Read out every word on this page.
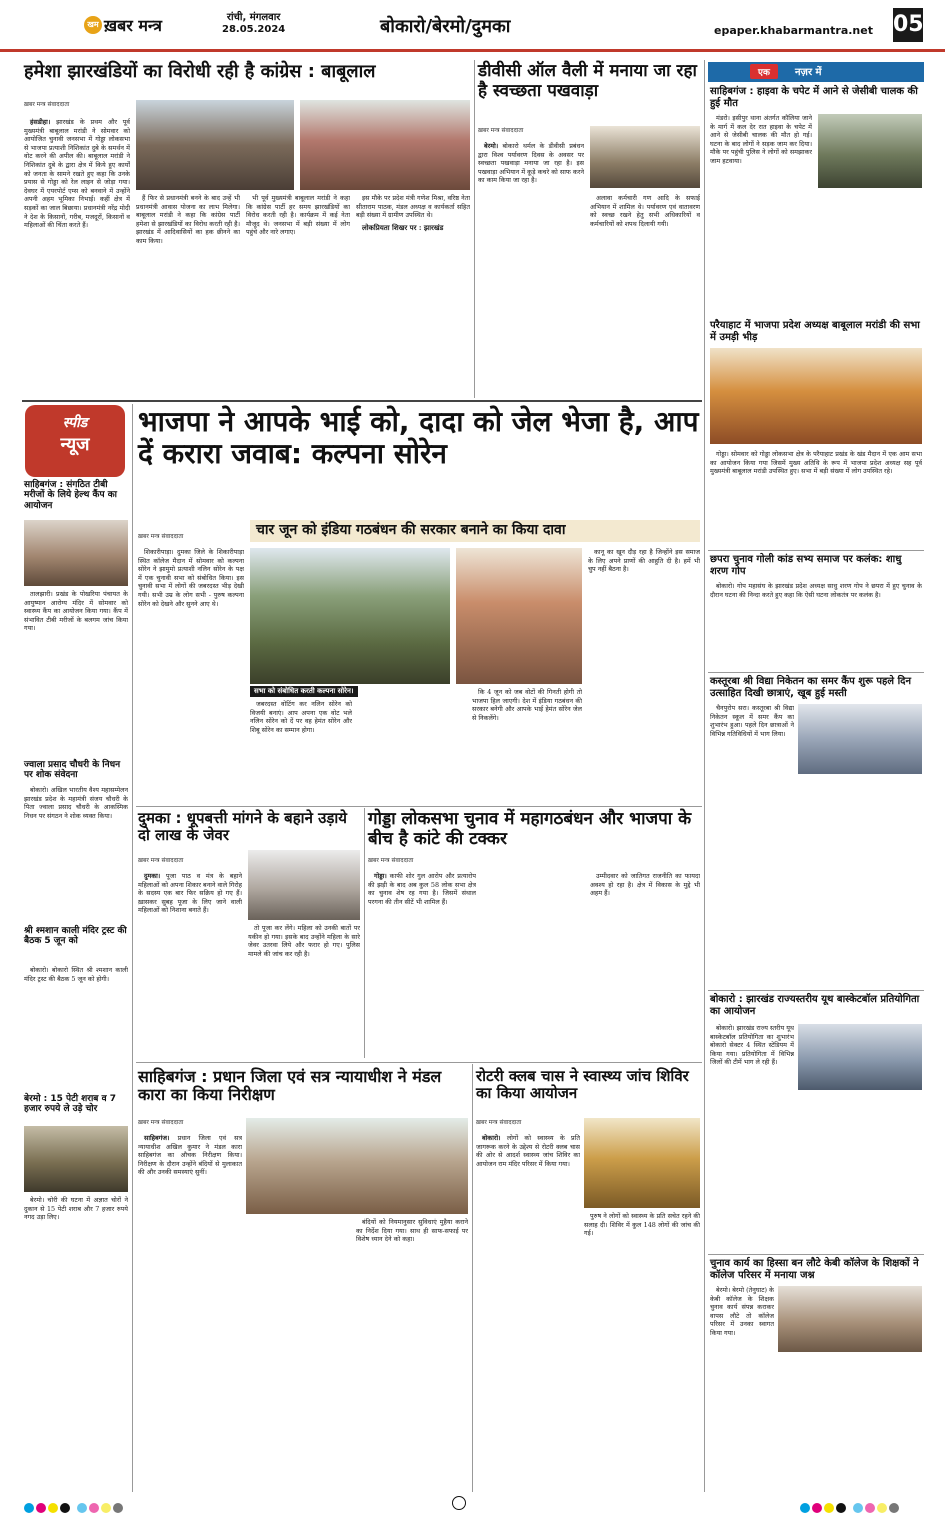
खम ख़बर मन्त्र	रांची, मंगलवार
28.05.2024	बोकारो/बेरमो/दुमका	epaper.khabarmantra.net 05
हमेशा झारखंडियों का विरोधी रही है कांग्रेस : बाबूलाल
ख़बर मन्त्र संवाददाता

हंसडीहा। झारखंड के प्रथम और पूर्व मुख्यमंत्री बाबूलाल मरांडी ने सोमवार को आयोजित चुनावी जनसभा में गोड्डा लोकसभा से भाजपा प्रत्याशी निशिकांत दुबे के समर्थन में वोट करने की अपील की। बाबूलाल मरांडी ने निशिकांत दुबे के द्वारा क्षेत्र में किये हुए कार्यों को जनता के सामने रखते हुए कहा कि उनके प्रयास से गोड्डा को रेल लाइन से जोड़ा गया। देवघर में एयरपोर्ट एम्स को बनवाने में उन्होंने अपनी अहम भूमिका निभाई। कहीं क्षेत्र में सड़कों का जाल बिछाया। प्रधानमंत्री नरेंद्र मोदी ने देश के किसानों, गरीब, मजदूरों, किसानों व महिलाओं की चिंता करते हैं।

हैं फिर से प्रधानमंत्री बनने के बाद उन्हें भी प्रधानमंत्री आवास योजना का लाभ मिलेगा। बाबूलाल मरांडी ने कहा कि कांग्रेस पार्टी हमेशा से झारखंडियों का विरोध करती रही है। झारखंड में आदिवासियों का हक छीनने का काम किया।

भी पूर्व मुख्यमंत्री बाबूलाल मरांडी ने कहा कि कांग्रेस पार्टी हर समय झारखंडियों का विरोध करती रही है। कार्यक्रम में कई नेता मौजूद थे। जनसभा में बड़ी संख्या में लोग पहुंचे और नारे लगाए।

इस मौके पर प्रदेश मंत्री गणेश मिश्रा, वरिष्ठ नेता सीताराम पाठक, मंडल अध्यक्ष व कार्यकर्ता सहित बड़ी संख्या में ग्रामीण उपस्थित थे।

लोकप्रियता शिखर पर : झारखंड

डीवीसी ऑल वैली में मनाया जा रहा है स्वच्छता पखवाड़ा
ख़बर मन्त्र संवाददाता

बेरमो। बोकारो थर्मल के डीवीसी प्रबंधन द्वारा विश्व पर्यावरण दिवस के अवसर पर स्वच्छता पखवाड़ा मनाया जा रहा है। इस पखवाड़ा अभियान में कूड़े कचरे को साफ करने का काम किया जा रहा है।

अलावा कर्मचारी गण आदि के सफाई अभियान में शामिल थे। पर्यावरण एवं वातावरण को स्वच्छ रखने हेतु सभी अधिकारियों व कर्मचारियों को शपथ दिलायी गयी।

एक	नज़र में
साहिबगंज : हाइवा के चपेट में आने से जेसीबी चालक की हुई मौत

मंडरो। इसीपुर थाना अंतर्गत कौलिया जाने के मार्ग में कल देर रात हाइवा के चपेट में आने से जेसीबी चालक की मौत हो गई। घटना के बाद लोगों ने सड़क जाम कर दिया। मौके पर पहुंची पुलिस ने लोगों को समझाकर जाम हटवाया।

परैयाहाट में भाजपा प्रदेश अध्यक्ष बाबूलाल मरांडी की सभा में उमड़ी भीड़

गोड्डा। सोमवार को गोड्डा लोकसभा क्षेत्र के परैयाहाट प्रखंड के खंड मैदान में एक आम सभा का आयोजन किया गया जिसमें मुख्य अतिथि के रूप में भाजपा प्रदेश अध्यक्ष सह पूर्व मुख्यमंत्री बाबूलाल मरांडी उपस्थित हुए। सभा में बड़ी संख्या में लोग उपस्थित रहे।

छपरा चुनाव गोली कांड सभ्य समाज पर कलंक: शाधु शरण गोप

बोकारो। गोप महासंघ के झारखंड प्रदेश अध्यक्ष साधु शरण गोप ने छपरा में हुए चुनाव के दौरान घटना की निन्दा करते हुए कहा कि ऐसी घटना लोकतंत्र पर कलंक है।

कस्तूरबा श्री विद्या निकेतन का समर कैंप शुरू पहले दिन उत्साहित दिखी छात्राएं, खूब हुई मस्ती

चैनपुरोप सरा। कस्तूरबा श्री विद्या निकेतन स्कूल में समर कैंप का शुभारंभ हुआ। पहले दिन छात्राओं ने विभिन्न गतिविधियों में भाग लिया।

बोकारो : झारखंड राज्यस्तरीय यूथ बास्केटबॉल प्रतियोगिता का आयोजन

बोकारो। झारखंड राज्य स्तरीय यूथ बास्केटबॉल प्रतियोगिता का शुभारंभ बोकारो सेक्टर 4 स्थित स्टेडियम में किया गया। प्रतियोगिता में विभिन्न जिलों की टीमें भाग ले रही हैं।

चुनाव कार्य का हिस्सा बन लौटे केबी कॉलेज के शिक्षकों ने कॉलेज परिसर में मनाया जश्न

बेरमो। बेरमो (तेनुघाट) के केबी कॉलेज के शिक्षक चुनाव कार्य संपन्न कराकर वापस लौटे तो कॉलेज परिसर में उनका स्वागत किया गया।

स्पीड
न्यूज
साहिबगंज : संगठित टीबी मरीजों के लिये हेल्थ कैंप का आयोजन

तालझारी। प्रखंड के पोखरिया पंचायत के आयुष्मान आरोग्य मंदिर में सोमवार को स्वास्थ्य कैंप का आयोजन किया गया। कैंप में संभावित टीबी मरीजों के बलगम जांच किया गया।

ज्वाला प्रसाद चौधरी के निधन पर शोक संवेदना

बोकारो। अखिल भारतीय वैश्य महासम्मेलन झारखंड प्रदेश के महामंत्री संजय चौधरी के पिता ज्वाला प्रसाद चौधरी के आकस्मिक निधन पर संगठन ने शोक व्यक्त किया।

श्री श्मशान काली मंदिर ट्रस्ट की बैठक 5 जून को

बोकारो। बोकारो स्थित श्री श्मशान काली मंदिर ट्रस्ट की बैठक 5 जून को होगी।

बेरमो : 15 पेटी शराब व 7 हजार रुपये ले उड़े चोर

बेरमो। चोरी की घटना में अज्ञात चोरों ने दुकान से 15 पेटी शराब और 7 हजार रुपये नगद उड़ा लिए।

भाजपा ने आपके भाई को, दादा को जेल भेजा है, आप दें करारा जवाब: कल्पना सोरेन
चार जून को इंडिया गठबंधन की सरकार बनाने का किया दावा
ख़बर मन्त्र संवाददाता

शिकारीपाड़ा। दुमका जिले के शिकारीपाड़ा स्थित कॉलेज मैदान में सोमवार को कल्पना सोरेन ने झामुमो प्रत्याशी नलिन सोरेन के पक्ष में एक चुनावी सभा को संबोधित किया। इस चुनावी सभा में लोगों की जबरदस्त भीड़ देखी गयी। सभी उम्र के लोग सभी - पुरुष कल्पना सोरेन को देखने और सुनने आए थे।

सभा को संबोधित करती कल्पना सोरेन।

जबरदस्त वोटिंग कर नलिन सोरेन को विजयी बनाएं। आप अपना एक वोट भले नलिन सोरेन को दें पर वह हेमंत सोरेन और शिबू सोरेन का सम्मान होगा।

कि 4 जून को जब वोटों की गिनती होगी तो भाजपा हिल जाएगी। देश में इंडिया गठबंधन की सरकार बनेगी और आपके भाई हेमंत सोरेन जेल से निकलेंगे।

कानू का खून दौड़ रहा है जिन्होंने इस समाज के लिए अपने प्राणों की आहुति दी है। हमें भी चुप नहीं बैठना है।

दुमका : धूपबत्ती मांगने के बहाने उड़ाये दो लाख के जेवर
ख़बर मन्त्र संवाददाता

दुमका। पूजा पाठ व मंत्र के बहाने महिलाओं को अपना शिकार बनाने वाले गिरोह के सदस्य एक बार फिर सक्रिय हो गए हैं। ख़ासकर सुबह पूजा के लिए जाने वाली महिलाओं को निशाना बनाते हैं।

तो पूजा कर लेंगे। महिला को उनकी बातों पर यकीन हो गया। इसके बाद उन्होंने महिला के सारे जेवर उतरवा लिये और फरार हो गए। पुलिस मामले की जांच कर रही है।

गोड्डा लोकसभा चुनाव में महागठबंधन और भाजपा के बीच है कांटे की टक्कर
ख़बर मन्त्र संवाददाता

गोड्डा। काफी शोर गुल आरोप और प्रत्यारोप की झड़ी के बाद अब कुल 58 लोक सभा क्षेत्र का चुनाव शेष रह गया है। जिसमें संथाल परगना की तीन सीटें भी शामिल हैं।

उम्मीदवार को जातिगत राजनीति का फायदा अवश्य हो रहा है। क्षेत्र में विकास के मुद्दे भी अहम हैं।

साहिबगंज : प्रधान जिला एवं सत्र न्यायाधीश ने मंडल कारा का किया निरीक्षण
ख़बर मन्त्र संवाददाता

साहिबगंज। प्रधान जिला एवं सत्र न्यायाधीश अखिल कुमार ने मंडल कारा साहिबगंज का औचक निरीक्षण किया। निरीक्षण के दौरान उन्होंने बंदियों से मुलाकात की और उनकी समस्याएं सुनीं।

बंदियों को नियमानुसार सुविधाएं मुहैया कराने का निर्देश दिया गया। साथ ही साफ-सफाई पर विशेष ध्यान देने को कहा।

रोटरी क्लब चास ने स्वास्थ्य जांच शिविर का किया आयोजन
ख़बर मन्त्र संवाददाता

बोकारो। लोगों को स्वास्थ्य के प्रति जागरूक करने के उद्देश्य से रोटरी क्लब चास की ओर से आदर्श स्वास्थ्य जांच शिविर का आयोजन राम मंदिर परिसर में किया गया।

पुरुष ने लोगों को स्वास्थ्य के प्रति सचेत रहने की सलाह दी। शिविर में कुल 148 लोगों की जांच की गई।
